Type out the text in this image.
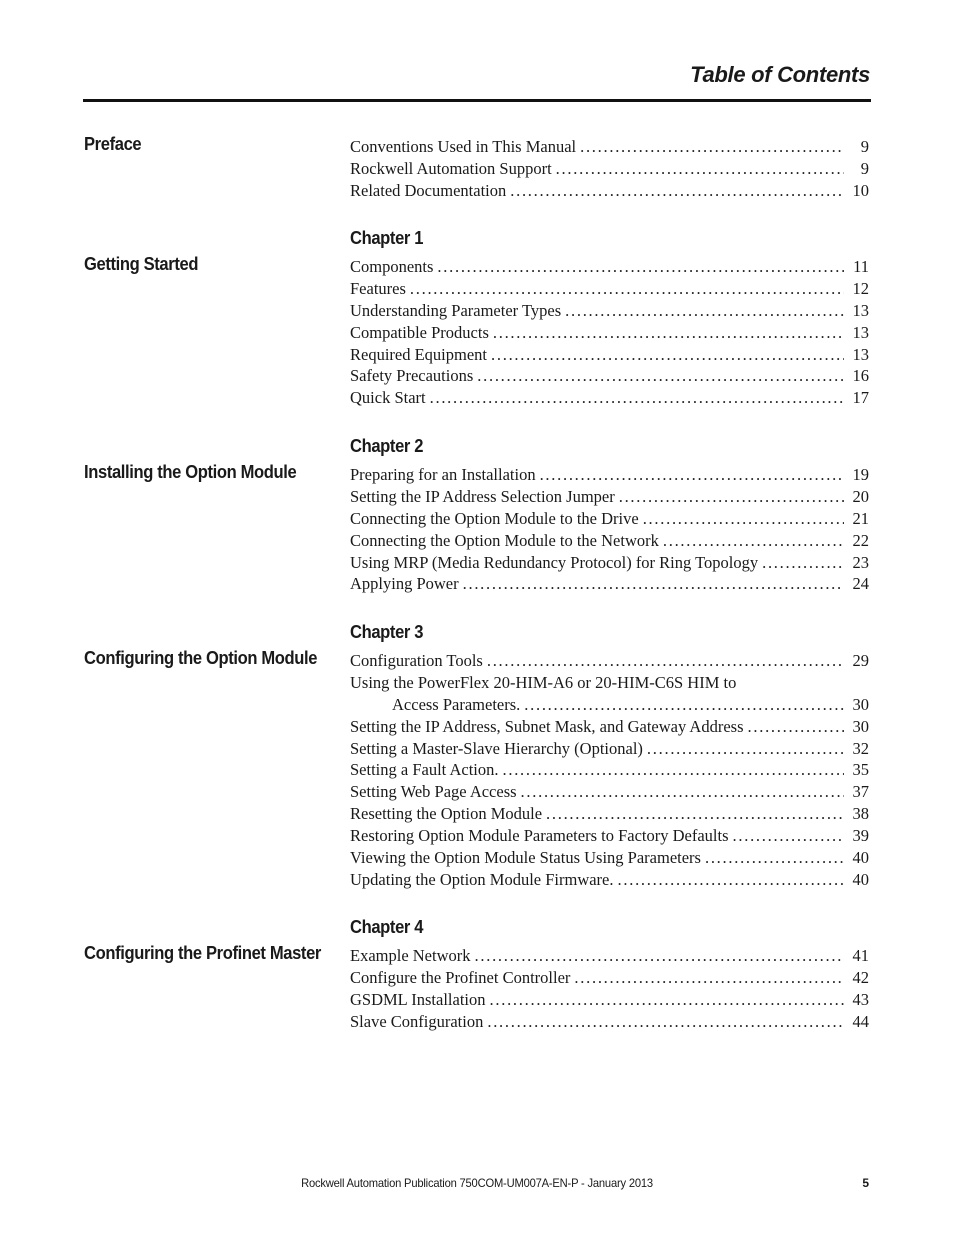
Table of Contents
Preface	Conventions Used in This Manual . . .	9
Rockwell Automation Support . . .	9
Related Documentation . . .	10
Getting Started
Chapter 1
Components . . .	11
Features . . .	12
Understanding Parameter Types . . .	13
Compatible Products . . .	13
Required Equipment . . .	13
Safety Precautions . . .	16
Quick Start . . .	17
Installing the Option Module
Chapter 2
Preparing for an Installation . . .	19
Setting the IP Address Selection Jumper . . .	20
Connecting the Option Module to the Drive . . .	21
Connecting the Option Module to the Network . . .	22
Using MRP (Media Redundancy Protocol) for Ring Topology . . .	23
Applying Power . . .	24
Configuring the Option Module
Chapter 3
Configuration Tools . . .	29
Using the PowerFlex 20-HIM-A6 or 20-HIM-C6S HIM to
Access Parameters. . . .	30
Setting the IP Address, Subnet Mask, and Gateway Address . . .	30
Setting a Master-Slave Hierarchy (Optional) . . .	32
Setting a Fault Action. . . .	35
Setting Web Page Access . . .	37
Resetting the Option Module . . .	38
Restoring Option Module Parameters to Factory Defaults . . .	39
Viewing the Option Module Status Using Parameters . . .	40
Updating the Option Module Firmware. . . .	40
Configuring the Profinet Master
Chapter 4
Example Network . . .	41
Configure the Profinet Controller . . .	42
GSDML Installation . . .	43
Slave Configuration . . .	44
Rockwell Automation Publication 750COM-UM007A-EN-P - January 2013	5
